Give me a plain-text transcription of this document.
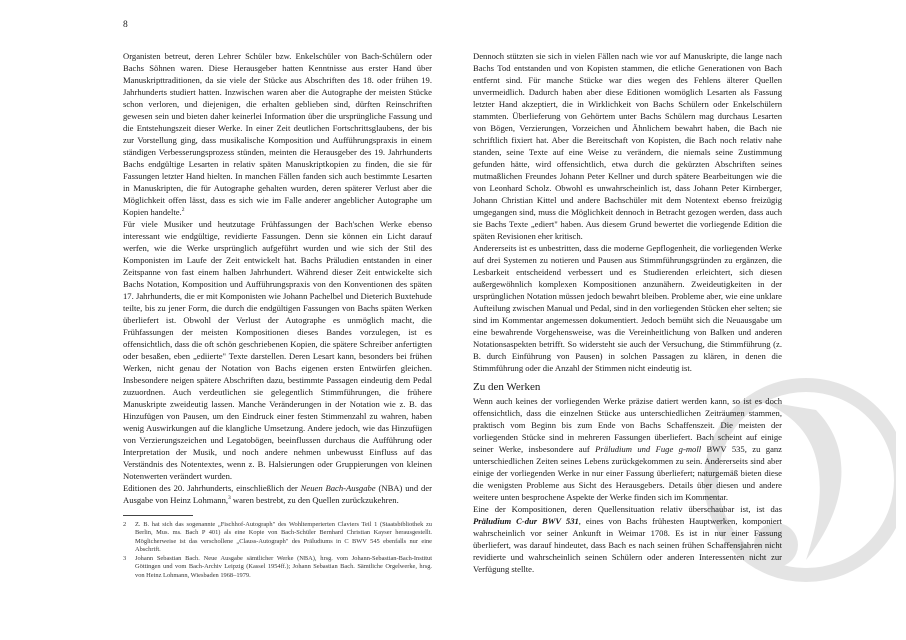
8

Organisten betreut, deren Lehrer Schüler bzw. Enkelschüler von Bach-Schülern oder Bachs Söhnen waren. Diese Herausgeber hatten Kenntnisse aus erster Hand über Manuskripttraditionen, da sie viele der Stücke aus Abschriften des 18. oder frühen 19. Jahrhunderts studiert hatten. Inzwischen waren aber die Autographe der meisten Stücke schon verloren, und diejenigen, die erhalten geblieben sind, dürften Reinschriften gewesen sein und bieten daher keinerlei Information über die ursprüngliche Fassung und die Entstehungszeit dieser Werke. In einer Zeit deutlichen Fortschrittsglaubens, der bis zur Vorstellung ging, dass musikalische Komposition und Aufführungspraxis in einem ständigen Verbesserungsprozess stünden, meinten die Herausgeber des 19. Jahrhunderts Bachs endgültige Lesarten in relativ späten Manuskriptkopien zu finden, die sie für Fassungen letzter Hand hielten. In manchen Fällen fanden sich auch bestimmte Lesarten in Manuskripten, die für Autographe gehalten wurden, deren späterer Verlust aber die Möglichkeit offen lässt, dass es sich wie im Falle anderer angeblicher Autographe um Kopien handelte.$^2$

Für viele Musiker und heutzutage Frühfassungen der Bach'schen Werke ebenso interessant wie endgültige, revidierte Fassungen. Denn sie können ein Licht darauf werfen, wie die Werke ursprünglich aufgeführt wurden und wie sich der Stil des Komponisten im Laufe der Zeit entwickelt hat. Bachs Präludien entstanden in einer Zeitspanne von fast einem halben Jahrhundert. Während dieser Zeit entwickelte sich Bachs Notation, Komposition und Aufführungspraxis von den Konventionen des späten 17. Jahrhunderts, die er mit Komponisten wie Johann Pachelbel und Dieterich Buxtehude teilte, bis zu jener Form, die durch die endgültigen Fassungen von Bachs späten Werken überliefert ist. Obwohl der Verlust der Autographe es unmöglich macht, die Frühfassungen der meisten Kompositionen dieses Bandes vorzulegen, ist es offensichtlich, dass die oft schön geschriebenen Kopien, die spätere Schreiber anfertigten oder besaßen, eben „ediierte" Texte darstellen. Deren Lesart kann, besonders bei frühen Werken, nicht genau der Notation von Bachs eigenen ersten Entwürfen gleichen. Insbesondere neigen spätere Abschriften dazu, bestimmte Passagen eindeutig dem Pedal zuzuordnen. Auch verdeutlichen sie gelegentlich Stimmführungen, die frühere Manuskripte zweideutig lassen. Manche Veränderungen in der Notation wie z. B. das Hinzufügen von Pausen, um den Eindruck einer festen Stimmenzahl zu wahren, haben wenig Auswirkungen auf die klangliche Umsetzung. Andere jedoch, wie das Hinzufügen von Verzierungszeichen und Legatobögen, beeinflussen durchaus die Aufführung oder Interpretation der Musik, und noch andere nehmen unbewusst Einfluss auf das Verständnis des Notentextes, wenn z. B. Halsierungen oder Gruppierungen von kleinen Notenwerten verändert wurden.

Editionen des 20. Jahrhunderts, einschließlich der Neuen Bach-Ausgabe (NBA) und der Ausgabe von Heinz Lohmann,$^3$ waren bestrebt, zu den Quellen zurückzukehren.

2	Z. B. hat sich das sogenannte „Fischhof-Autograph" des Wohltemperierten Claviers Teil 1 (Staatsbibliothek zu Berlin, Mus. ms. Bach P 401) als eine Kopie von Bach-Schüler Bernhard Christian Kayser herausgestellt. Möglicherweise ist das verschollene „Clauss-Autograph" des Präludiums in C BWV 545 ebenfalls nur eine Abschrift.
3	Johann Sebastian Bach. Neue Ausgabe sämtlicher Werke (NBA), hrsg. vom Johann-Sebastian-Bach-Institut Göttingen und vom Bach-Archiv Leipzig (Kassel 1954ff.); Johann Sebastian Bach. Sämtliche Orgelwerke, hrsg. von Heinz Lohmann, Wiesbaden 1968–1979.

Dennoch stützten sie sich in vielen Fällen nach wie vor auf Manuskripte, die lange nach Bachs Tod entstanden und von Kopisten stammen, die etliche Generationen von Bach entfernt sind. Für manche Stücke war dies wegen des Fehlens älterer Quellen unvermeidlich. Dadurch haben aber diese Editionen womöglich Lesarten als Fassung letzter Hand akzeptiert, die in Wirklichkeit von Bachs Schülern oder Enkelschülern stammten. Überlieferung von Gehörtem unter Bachs Schülern mag durchaus Lesarten von Bögen, Verzierungen, Vorzeichen und Ähnlichem bewahrt haben, die Bach nie schriftlich fixiert hat. Aber die Bereitschaft von Kopisten, die Bach noch relativ nahe standen, seine Texte auf eine Weise zu verändern, die niemals seine Zustimmung gefunden hätte, wird offensichtlich, etwa durch die gekürzten Abschriften seines mutmaßlichen Freundes Johann Peter Kellner und durch spätere Bearbeitungen wie die von Leonhard Scholz. Obwohl es unwahrscheinlich ist, dass Johann Peter Kirnberger, Johann Christian Kittel und andere Bachschüler mit dem Notentext ebenso freizügig umgegangen sind, muss die Möglichkeit dennoch in Betracht gezogen werden, dass auch sie Bachs Texte „ediert" haben. Aus diesem Grund bewertet die vorliegende Edition die späten Revisionen eher kritisch.

Andererseits ist es unbestritten, dass die moderne Gepflogenheit, die vorliegenden Werke auf drei Systemen zu notieren und Pausen aus Stimmführungsgründen zu ergänzen, die Lesbarkeit entscheidend verbessert und es Studierenden erleichtert, sich diesen außergewöhnlich komplexen Kompositionen anzunähern. Zweideutigkeiten in der ursprünglichen Notation müssen jedoch bewahrt bleiben. Probleme aber, wie eine unklare Aufteilung zwischen Manual und Pedal, sind in den vorliegenden Stücken eher selten; sie sind im Kommentar angemessen dokumentiert. Jedoch bemüht sich die Neuausgabe um eine bewahrende Vorgehensweise, was die Vereinheitlichung von Balken und anderen Notationsaspekten betrifft. So widersteht sie auch der Versuchung, die Stimmführung (z. B. durch Einführung von Pausen) in solchen Passagen zu klären, in denen die Stimmführung oder die Anzahl der Stimmen nicht eindeutig ist.

Zu den Werken

Wenn auch keines der vorliegenden Werke präzise datiert werden kann, so ist es doch offensichtlich, dass die einzelnen Stücke aus unterschiedlichen Zeiträumen stammen, praktisch vom Beginn bis zum Ende von Bachs Schaffenszeit. Die meisten der vorliegenden Stücke sind in mehreren Fassungen überliefert. Bach scheint auf einige seiner Werke, insbesondere auf Präludium und Fuge g-moll BWV 535, zu ganz unterschiedlichen Zeiten seines Lebens zurückgekommen zu sein. Andererseits sind aber einige der vorliegenden Werke in nur einer Fassung überliefert; naturgemäß bieten diese die wenigsten Probleme aus Sicht des Herausgebers. Details über diesen und andere weitere unten besprochene Aspekte der Werke finden sich im Kommentar.

Eine der Kompositionen, deren Quellensituation relativ überschaubar ist, ist das Präludium C-dur BWV 531, eines von Bachs frühesten Hauptwerken, komponiert wahrscheinlich vor seiner Ankunft in Weimar 1708. Es ist in nur einer Fassung überliefert, was darauf hindeutet, dass Bach es nach seinen frühen Schaffensjahren nicht revidierte und wahrscheinlich seinen Schülern oder anderen Interessenten nicht zur Verfügung stellte.
